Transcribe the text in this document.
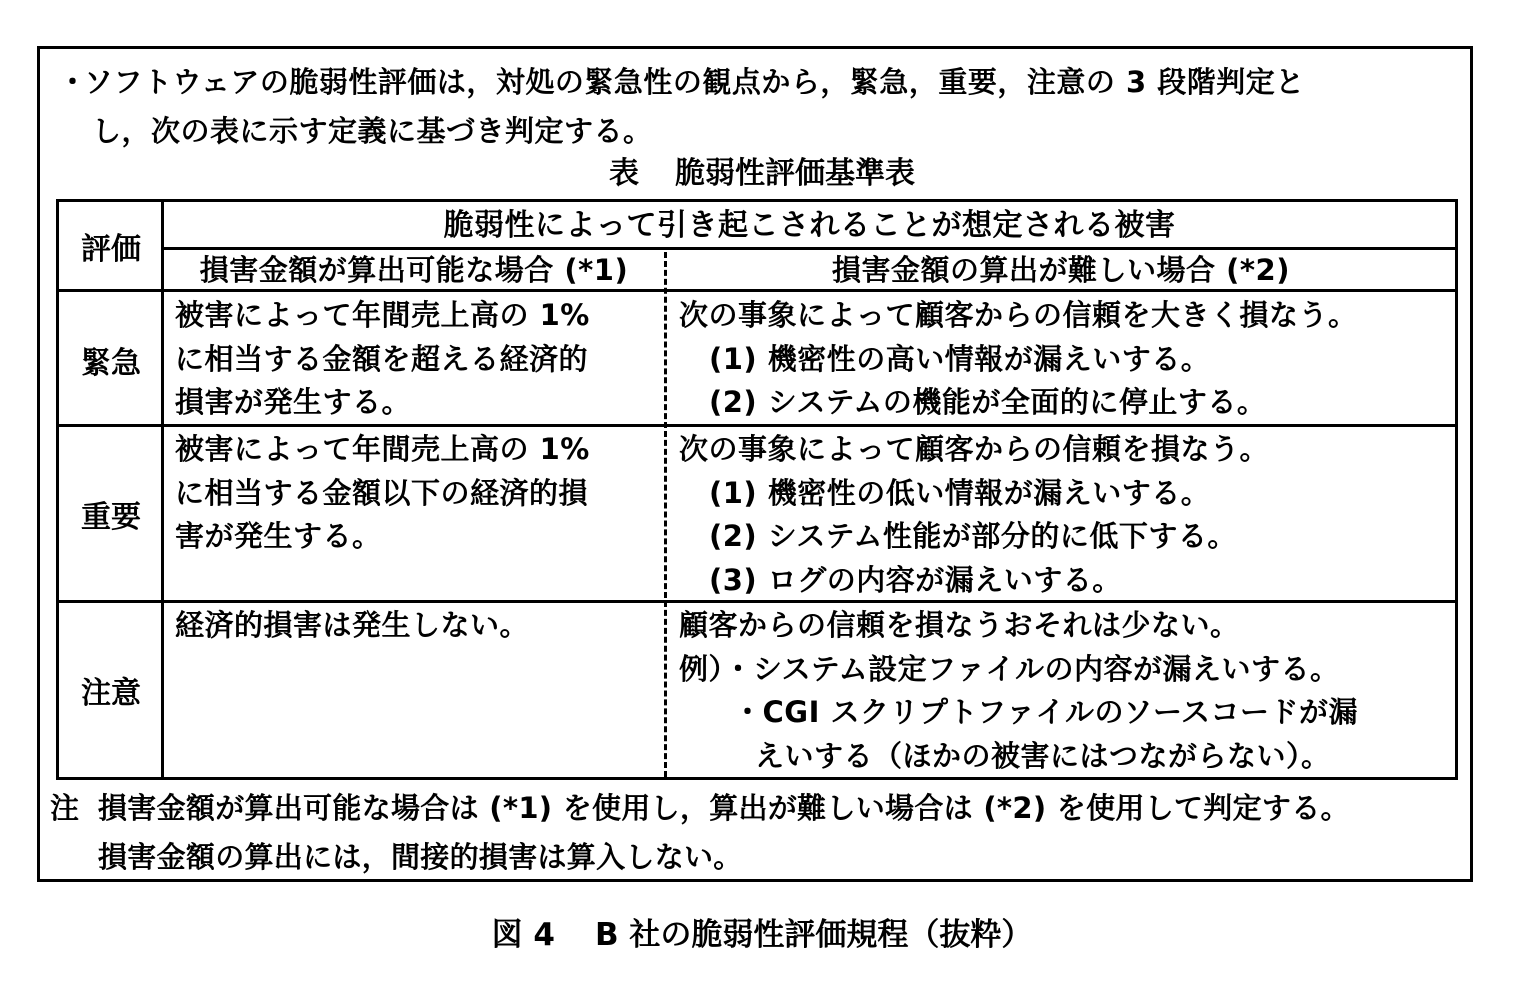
・ソフトウェアの脆弱性評価は，対処の緊急性の観点から，緊急，重要，注意の 3 段階判定と
し，次の表に示す定義に基づき判定する。
表 脆弱性評価基準表
評価
脆弱性によって引き起こされることが想定される被害
損害金額が算出可能な場合 (*1)	損害金額の算出が難しい場合 (*2)
緊急
被害によって年間売上高の 1%
に相当する金額を超える経済的
損害が発生する。
次の事象によって顧客からの信頼を大きく損なう。
(1) 機密性の高い情報が漏えいする。
(2) システムの機能が全面的に停止する。
重要
被害によって年間売上高の 1%
に相当する金額以下の経済的損
害が発生する。
次の事象によって顧客からの信頼を損なう。
(1) 機密性の低い情報が漏えいする。
(2) システム性能が部分的に低下する。
(3) ログの内容が漏えいする。
注意
経済的損害は発生しない。	顧客からの信頼を損なうおそれは少ない。
例）・システム設定ファイルの内容が漏えいする。
・CGI スクリプトファイルのソースコードが漏
えいする（ほかの被害にはつながらない）。
注 損害金額が算出可能な場合は (*1) を使用し，算出が難しい場合は (*2) を使用して判定する。
損害金額の算出には，間接的損害は算入しない。
図 4 B 社の脆弱性評価規程（抜粋）
